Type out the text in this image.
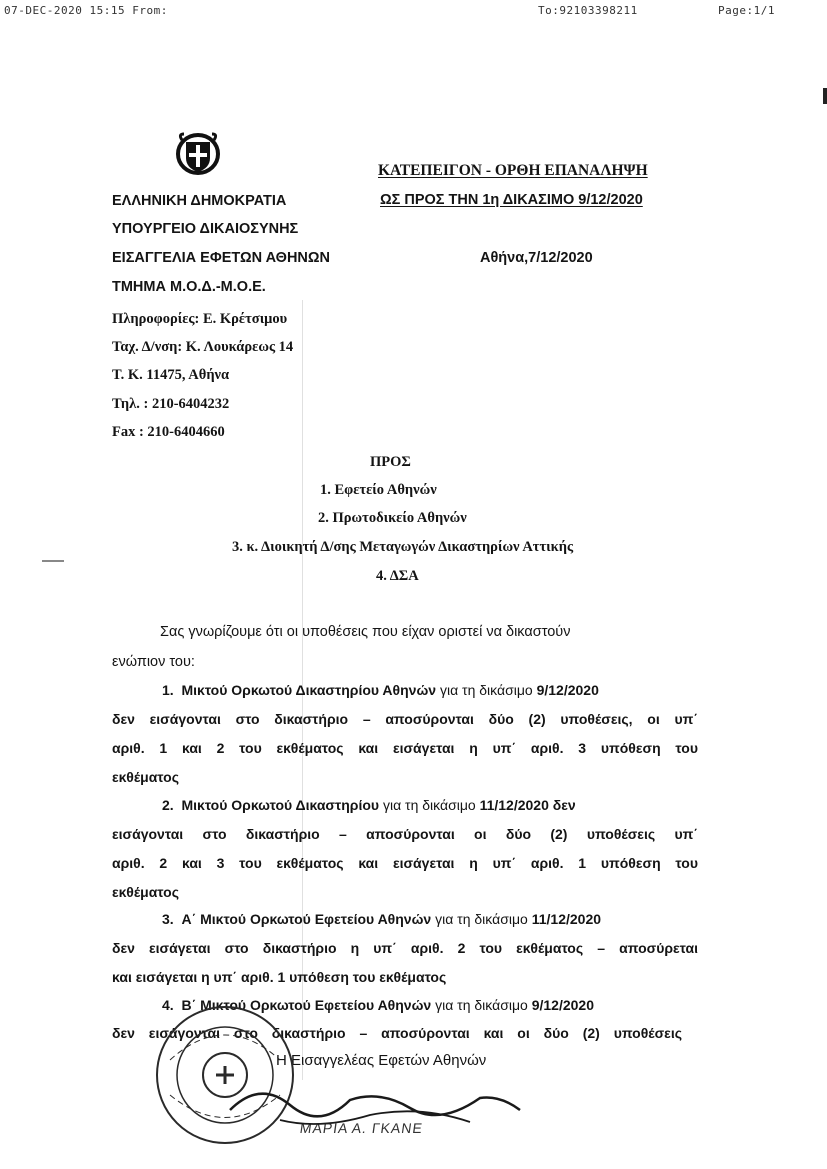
07-DEC-2020 15:15 From:	To:92103398211	Page:1/1
ΚΑΤΕΠΕΙΓΟΝ - ΟΡΘΗ ΕΠΑΝΑΛΗΨΗ
ΩΣ ΠΡΟΣ ΤΗΝ 1η ΔΙΚΑΣΙΜΟ 9/12/2020
ΕΛΛΗΝΙΚΗ ΔΗΜΟΚΡΑΤΙΑ
ΥΠΟΥΡΓΕΙΟ ΔΙΚΑΙΟΣΥΝΗΣ
ΕΙΣΑΓΓΕΛΙΑ ΕΦΕΤΩΝ ΑΘΗΝΩΝ
ΤΜΗΜΑ Μ.Ο.Δ.-Μ.Ο.Ε.
Αθήνα,7/12/2020
Πληροφορίες: Ε. Κρέτσιμου
Ταχ. Δ/νση: Κ. Λουκάρεως 14
Τ. Κ. 11475, Αθήνα
Τηλ. : 210-6404232
Fax : 210-6404660
ΠΡΟΣ
1. Εφετείο Αθηνών
2. Πρωτοδικείο Αθηνών
3. κ. Διοικητή Δ/σης Μεταγωγών Δικαστηρίων Αττικής
4. ΔΣΑ
Σας γνωρίζουμε ότι οι υποθέσεις που είχαν οριστεί να δικαστούν
ενώπιον του:
1. Μικτού Ορκωτού Δικαστηρίου Αθηνών για τη δικάσιμο 9/12/2020
δεν εισάγονται στο δικαστήριο – αποσύρονται δύο (2) υποθέσεις, οι υπ΄
αριθ. 1 και 2 του εκθέματος και εισάγεται η υπ΄ αριθ. 3 υπόθεση του
εκθέματος
2. Μικτού Ορκωτού Δικαστηρίου για τη δικάσιμο 11/12/2020 δεν
εισάγονται στο δικαστήριο – αποσύρονται οι δύο (2) υποθέσεις υπ΄
αριθ. 2 και 3 του εκθέματος και εισάγεται η υπ΄ αριθ. 1 υπόθεση του
εκθέματος
3. Α΄ Μικτού Ορκωτού Εφετείου Αθηνών για τη δικάσιμο 11/12/2020
δεν εισάγεται στο δικαστήριο η υπ΄ αριθ. 2 του εκθέματος – αποσύρεται
και εισάγεται η υπ΄ αριθ. 1 υπόθεση του εκθέματος
4. Β΄ Μικτού Ορκωτού Εφετείου Αθηνών για τη δικάσιμο 9/12/2020
δεν εισάγονται στο δικαστήριο – αποσύρονται και οι δύο (2) υποθέσεις
Η Εισαγγελέας Εφετών Αθηνών
ΜΑΡΙΑ Α. ΓΚΑΝΕ
